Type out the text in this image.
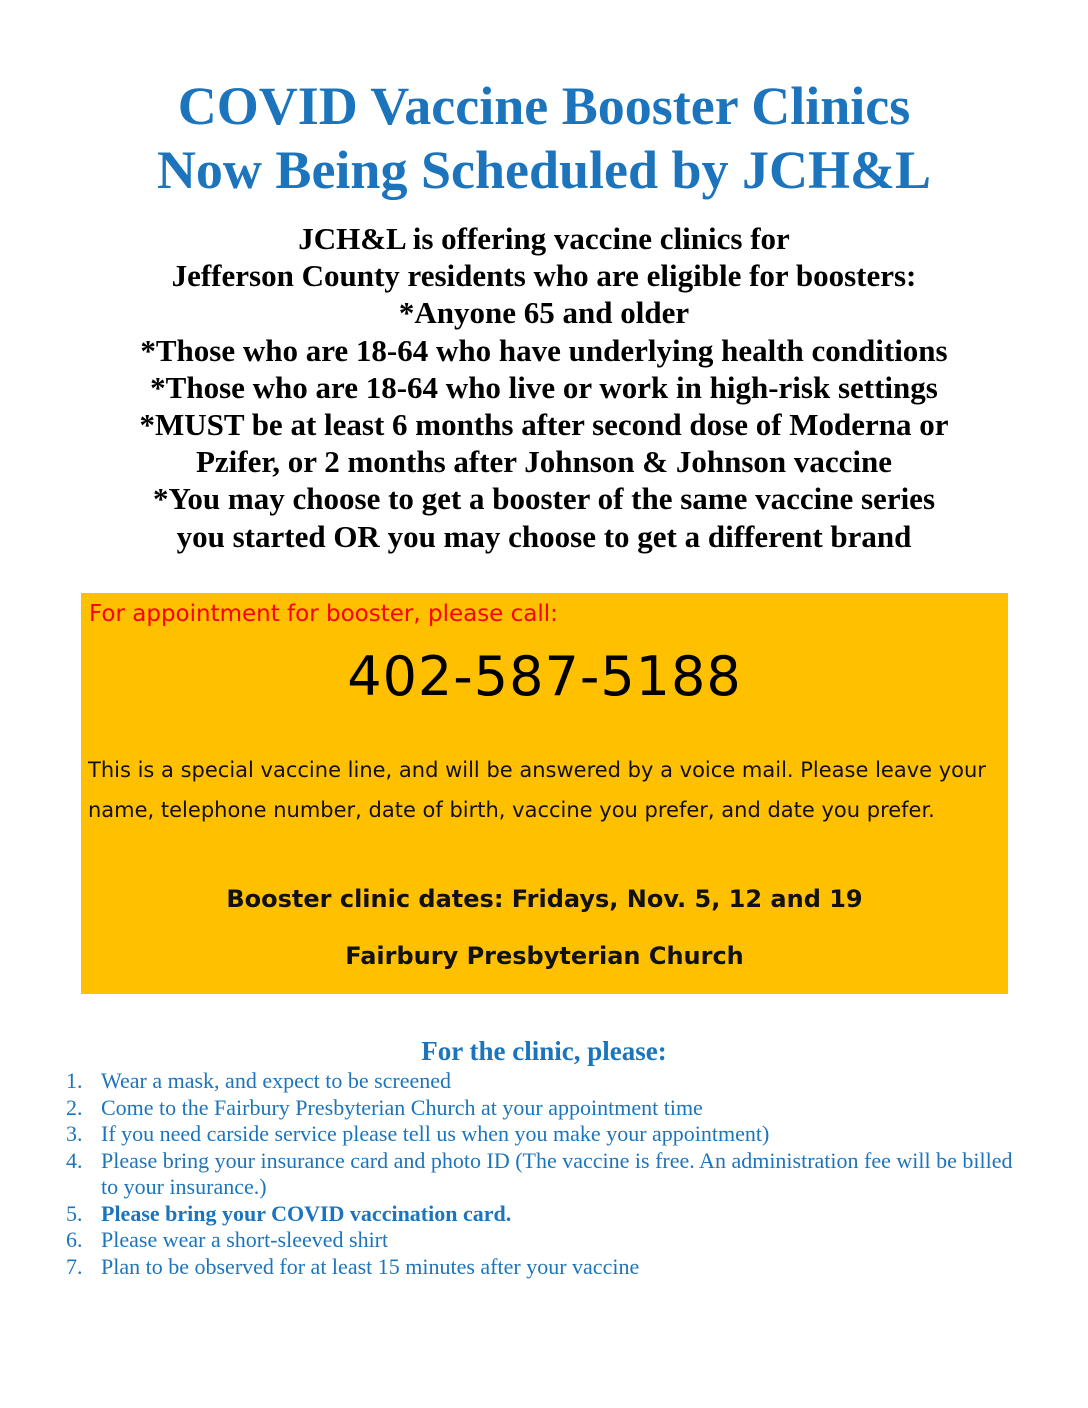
COVID Vaccine Booster Clinics
Now Being Scheduled by JCH&L
JCH&L is offering vaccine clinics for
Jefferson County residents who are eligible for boosters:
*Anyone 65 and older
*Those who are 18-64 who have underlying health conditions
*Those who are 18-64 who live or work in high-risk settings
*MUST be at least 6 months after second dose of Moderna or
Pzifer, or 2 months after Johnson & Johnson vaccine
*You may choose to get a booster of the same vaccine series
you started OR you may choose to get a different brand
For appointment for booster, please call:
402-587-5188
This is a special vaccine line, and will be answered by a voice mail. Please leave your name, telephone number, date of birth, vaccine you prefer, and date you prefer.
Booster clinic dates: Fridays, Nov. 5, 12 and 19
Fairbury Presbyterian Church
For the clinic, please:
1. Wear a mask, and expect to be screened
2. Come to the Fairbury Presbyterian Church at your appointment time
3. If you need carside service please tell us when you make your appointment)
4. Please bring your insurance card and photo ID (The vaccine is free. An administration fee will be billed to your insurance.)
5. Please bring your COVID vaccination card.
6. Please wear a short-sleeved shirt
7. Plan to be observed for at least 15 minutes after your vaccine
